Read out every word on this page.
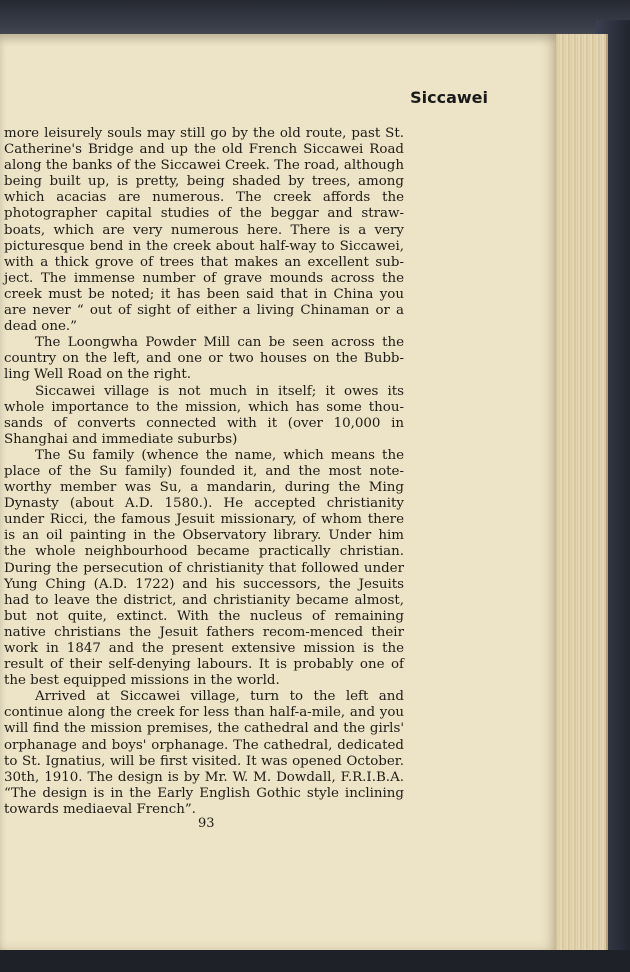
Siccawei

more leisurely souls may still go by the old route, past St. Catherine's Bridge and up the old French Siccawei Road along the banks of the Siccawei Creek. The road, although being built up, is pretty, being shaded by trees, among which acacias are numerous. The creek affords the photographer capital studies of the beggar and straw-boats, which are very numerous here. There is a very picturesque bend in the creek about half-way to Siccawei, with a thick grove of trees that makes an excellent sub-ject. The immense number of grave mounds across the creek must be noted; it has been said that in China you are never “ out of sight of either a living Chinaman or a dead one.”

The Loongwha Powder Mill can be seen across the country on the left, and one or two houses on the Bubb-ling Well Road on the right.

Siccawei village is not much in itself; it owes its whole importance to the mission, which has some thou-sands of converts connected with it (over 10,000 in Shanghai and immediate suburbs)

The Su family (whence the name, which means the place of the Su family) founded it, and the most note-worthy member was Su, a mandarin, during the Ming Dynasty (about A.D. 1580.). He accepted christianity under Ricci, the famous Jesuit missionary, of whom there is an oil painting in the Observatory library. Under him the whole neighbourhood became practically christian. During the persecution of christianity that followed under Yung Ching (A.D. 1722) and his successors, the Jesuits had to leave the district, and christianity became almost, but not quite, extinct. With the nucleus of remaining native christians the Jesuit fathers recom-menced their work in 1847 and the present extensive mission is the result of their self-denying labours. It is probably one of the best equipped missions in the world.

Arrived at Siccawei village, turn to the left and continue along the creek for less than half-a-mile, and you will find the mission premises, the cathedral and the girls' orphanage and boys' orphanage. The cathedral, dedicated to St. Ignatius, will be first visited. It was opened October. 30th, 1910. The design is by Mr. W. M. Dowdall, F.R.I.B.A. “The design is in the Early English Gothic style inclining towards mediaeval French”.

93
